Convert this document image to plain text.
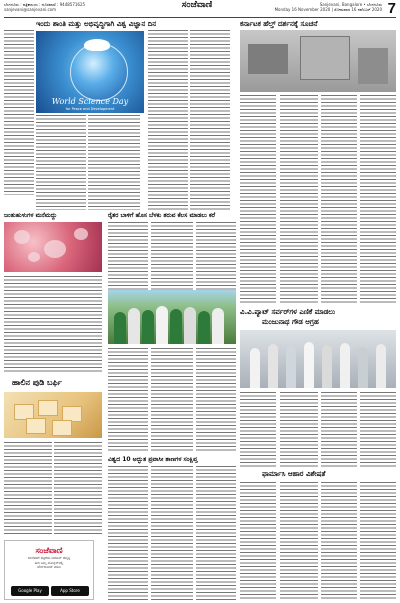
ಬೆಂಗಳೂರು : ಪತ್ರಿಕಾಲಯ : ದೂರವಾಣಿ : 9448571625
sanjevani@sanjevani.com
Sanjevani, Bangalore • ಬೆಂಗಳೂರು
Monday 16 November 2020 | ಸೋಮವಾರ 16 ನವೆಂಬರ್ 2020
ಸಂಜೆವಾಣಿ	7
ಇಂದು ಶಾಂತಿ ಮತ್ತು ಅಭಿವೃದ್ಧಿಗಾಗಿ ವಿಶ್ವ ವಿಜ್ಞಾನ ದಿನ
World Science Day
for Peace and Development
ಕರ್ನಾಟಕ ಹೆಲ್ತ್ ದರ್ಶನಕ್ಕೆ ಸೂಚನೆ
ಜಂತುಹುಳುಗಳ ಮನೆಮದ್ದು	ರೈತರ ಬಾಳಿಗೆ ಹೊಸ ಬೆಳಕು ತರುವ ಕೆಲಸ ಮಾಡಲು ಕರೆ
ವಿ.ವಿ.ಪ್ಯಾಟ್ ಸರ್ವರ್‌ಗಳ ಎಣಿಕೆ ಮಾಡಲು
ಮಂಜುನಾಥ ಗೌಡ ಆಗ್ರಹ
ಹಾಲಿನ ಪುಡಿ ಬರ್ಫಿ
ವಿಶ್ವದ 10 ಅದ್ಭುತ ಪ್ರವಾಸೀ ತಾಣಗಳ ಸಂಕ್ಷಿಪ್ತ
ಫಾರ್ಮಾಸಿ ಆಹಾರ ವಿಶೇಷತೆ
ಸಂಜೆವಾಣಿ
ಸಂಜೆವಾಣಿ ಪತ್ರಿಕೆಯ ಡಿಜಿಟಲ್ ಆವೃತ್ತಿ
ಈಗ ನಿಮ್ಮ ಮೊಬೈಲ್‌ನಲ್ಲಿ
ಡೌನ್‌ಲೋಡ್ ಮಾಡಿ
Google Play	App Store
